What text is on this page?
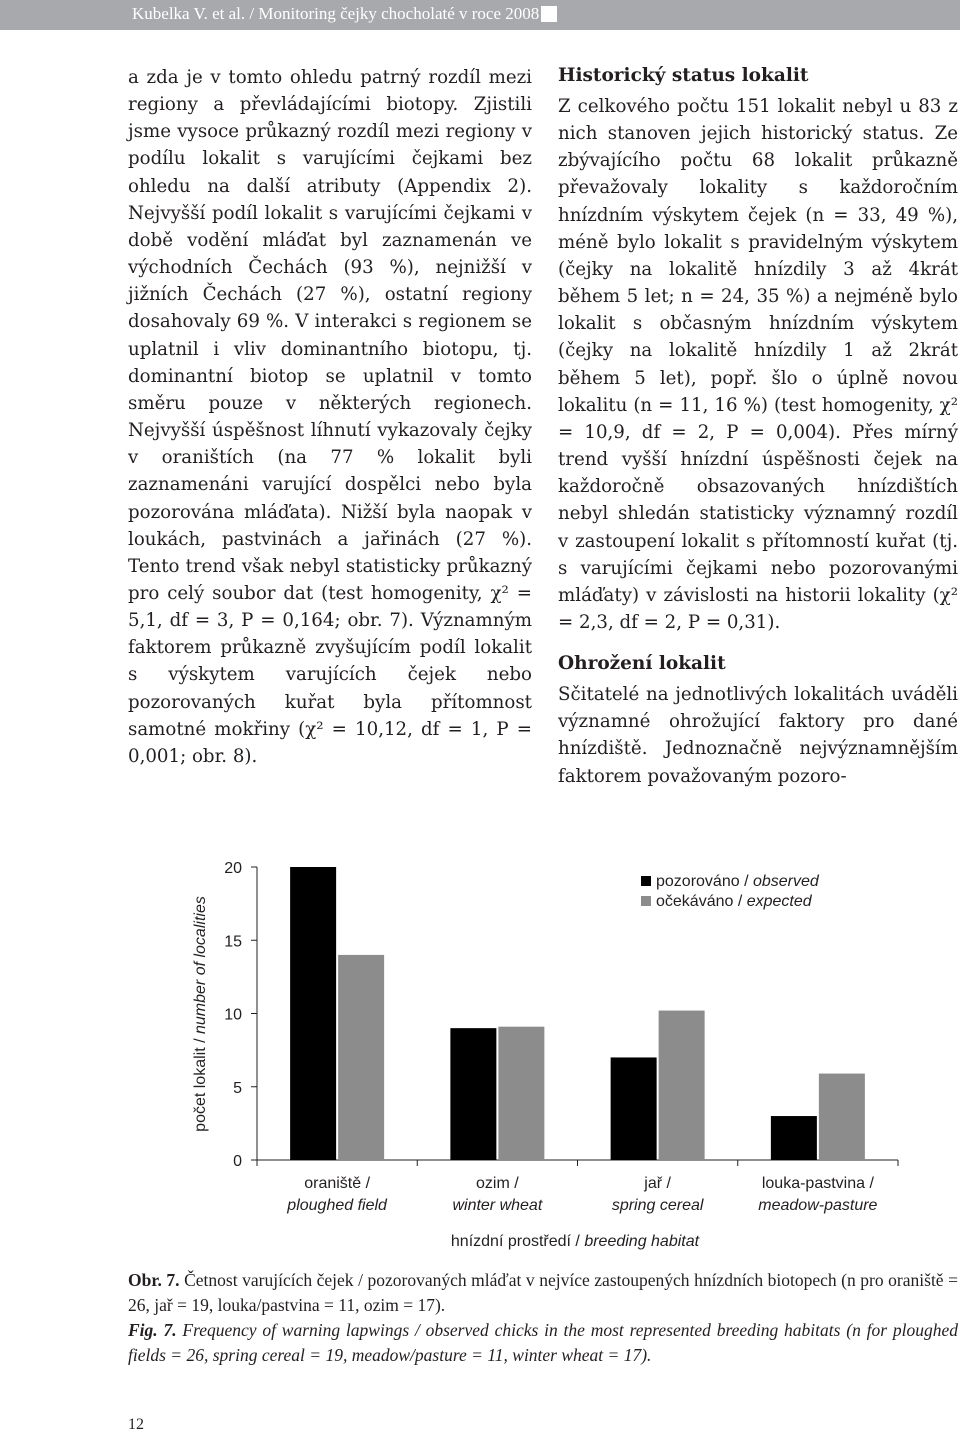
Kubelka V. et al. / Monitoring čejky chocholaté v roce 2008

a zda je v tomto ohledu patrný rozdíl mezi regiony a převládajícími biotopy. Zjistili jsme vysoce průkazný rozdíl mezi regiony v podílu lokalit s varujícími čejkami bez ohledu na další atributy (Appendix 2). Nejvyšší podíl lokalit s varujícími čejkami v době vodění mláďat byl zaznamenán ve východních Čechách (93 %), nejnižší v jižních Čechách (27 %), ostatní regiony dosahovaly 69 %. V interakci s regionem se uplatnil i vliv dominantního biotopu, tj. dominantní biotop se uplatnil v tomto směru pouze v některých regionech. Nejvyšší úspěšnost líhnutí vykazovaly čejky v oraništích (na 77 % lokalit byli zaznamenáni varující dospělci nebo byla pozorována mláďata). Nižší byla naopak v loukách, pastvinách a jařinách (27 %). Tento trend však nebyl statisticky průkazný pro celý soubor dat (test homogenity, χ² = 5,1, df = 3, P = 0,164; obr. 7). Významným faktorem průkazně zvyšujícím podíl lokalit s výskytem varujících čejek nebo pozorovaných kuřat byla přítomnost samotné mokřiny (χ² = 10,12, df = 1, P = 0,001; obr. 8).

Historický status lokalit

Z celkového počtu 151 lokalit nebyl u 83 z nich stanoven jejich historický status. Ze zbývajícího počtu 68 lokalit průkazně převažovaly lokality s každoročním hnízdním výskytem čejek (n = 33, 49 %), méně bylo lokalit s pravidelným výskytem (čejky na lokalitě hnízdily 3 až 4krát během 5 let; n = 24, 35 %) a nejméně bylo lokalit s občasným hnízdním výskytem (čejky na lokalitě hnízdily 1 až 2krát během 5 let), popř. šlo o úplně novou lokalitu (n = 11, 16 %) (test homogenity, χ² = 10,9, df = 2, P = 0,004). Přes mírný trend vyšší hnízdní úspěšnosti čejek na každoročně obsazovaných hnízdištích nebyl shledán statisticky významný rozdíl v zastoupení lokalit s přítomností kuřat (tj. s varujícími čejkami nebo pozorovanými mláďaty) v závislosti na historii lokality (χ² = 2,3, df = 2, P = 0,31).

Ohrožení lokalit

Sčitatelé na jednotlivých lokalitách uváděli významné ohrožující faktory pro dané hnízdiště. Jednoznačně nejvýznamnějším faktorem považovaným pozoro-

0
5
10
15
20
oraniště /
ploughed field
ozim /
winter wheat
jař /
spring cereal
louka-pastvina /
meadow-pasture
hnízdní prostředí / breeding habitat
počet lokalit / number of localities
pozorováno / observed
očekáváno / expected

Obr. 7. Četnost varujících čejek / pozorovaných mláďat v nejvíce zastoupených hnízdních biotopech (n pro oraniště = 26, jař = 19, louka/pastvina = 11, ozim = 17).

Fig. 7. Frequency of warning lapwings / observed chicks in the most represented breeding habitats (n for ploughed fields = 26, spring cereal = 19, meadow/pasture = 11, winter wheat = 17).

12
